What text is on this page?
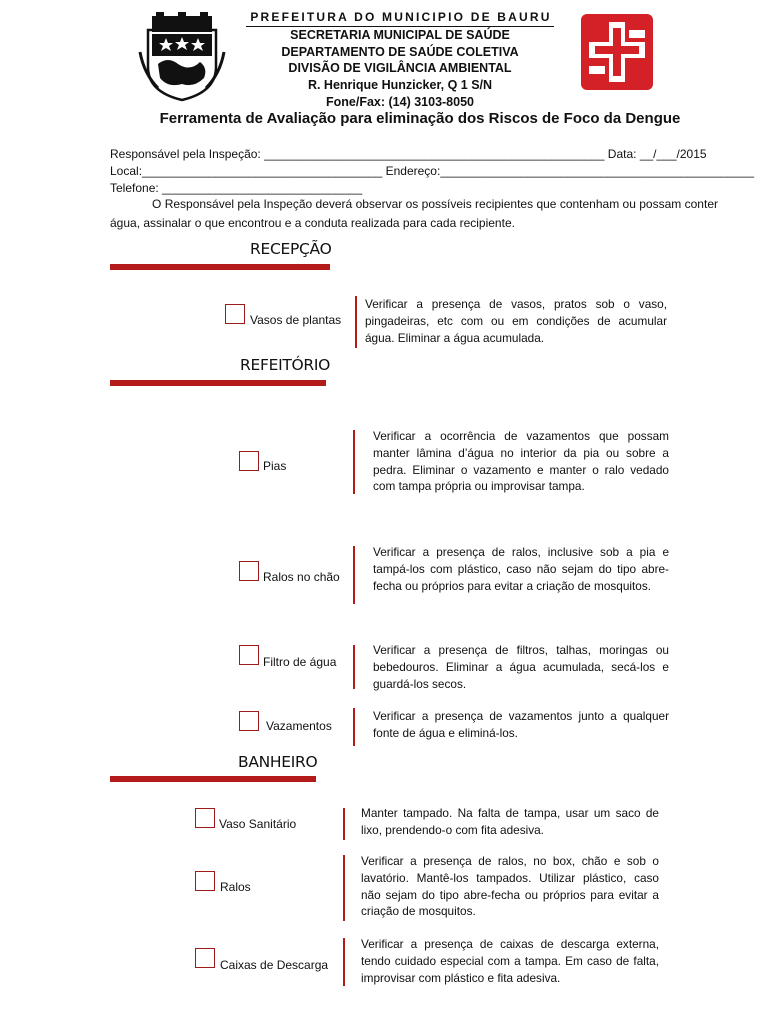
PREFEITURA DO MUNICIPIO DE BAURU
SECRETARIA MUNICIPAL DE SAÚDE
DEPARTAMENTO DE SAÚDE COLETIVA
DIVISÃO DE VIGILÂNCIA AMBIENTAL
R. Henrique Hunzicker, Q 1 S/N
Fone/Fax: (14) 3103-8050
Ferramenta de Avaliação para eliminação dos Riscos de Foco da Dengue
Responsável pela Inspeção: ___________________________________________________ Data: __/___/2015
Local:____________________________________ Endereço:_______________________________________________
Telefone: ______________________________
O Responsável pela Inspeção deverá observar os possíveis recipientes que contenham ou possam conter água, assinalar o que encontrou e a conduta realizada para cada recipiente.
RECEPÇÃO
Vasos de plantas
Verificar a presença de vasos, pratos sob o vaso, pingadeiras, etc com ou em condições de acumular água. Eliminar a água acumulada.
REFEITÓRIO
Pias
Verificar a ocorrência de vazamentos que possam manter lâmina d’água no interior da pia ou sobre a pedra. Eliminar o vazamento e manter o ralo vedado com tampa própria ou improvisar tampa.
Ralos no chão
Verificar a presença de ralos, inclusive sob a pia e tampá-los com plástico, caso não sejam do tipo abre-fecha ou próprios para evitar a criação de mosquitos.
Filtro de água
Verificar a presença de filtros, talhas, moringas ou bebedouros. Eliminar a água acumulada, secá-los e guardá-los secos.
Vazamentos
Verificar a presença de vazamentos junto a qualquer fonte de água e eliminá-los.
BANHEIRO
Vaso Sanitário
Manter tampado. Na falta de tampa, usar um saco de lixo, prendendo-o com fita adesiva.
Ralos
Verificar a presença de ralos, no box, chão e sob o lavatório. Mantê-los tampados. Utilizar plástico, caso não sejam do tipo abre-fecha ou próprios para evitar a criação de mosquitos.
Caixas de Descarga
Verificar a presença de caixas de descarga externa, tendo cuidado especial com a tampa. Em caso de falta, improvisar com plástico e fita adesiva.
